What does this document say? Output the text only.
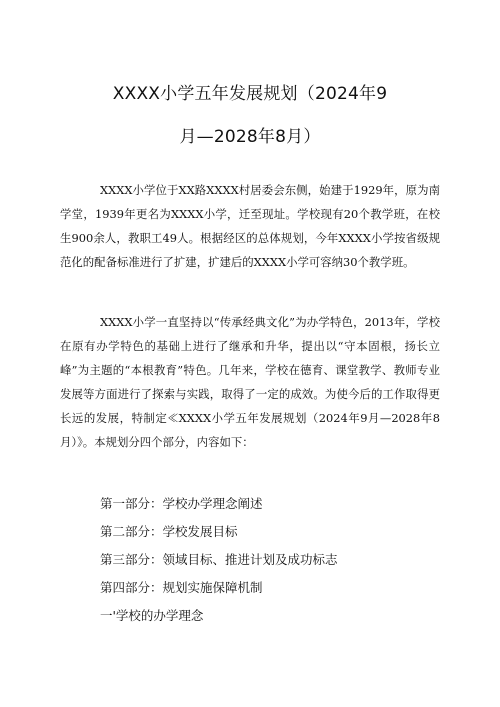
XXXX小学五年发展规划（2024年9
月—2028年8月）

XXXX小学位于XX路XXXX村居委会东侧，始建于1929年，原为南学堂，1939年更名为XXXX小学，迁至现址。学校现有20个教学班，在校生900余人，教职工49人。根据经区的总体规划，今年XXXX小学按省级规范化的配备标准进行了扩建，扩建后的XXXX小学可容纳30个教学班。

XXXX小学一直坚持以“传承经典文化”为办学特色，2013年，学校在原有办学特色的基础上进行了继承和升华，提出以“守本固根，扬长立峰”为主题的“本根教育”特色。几年来，学校在德育、课堂教学、教师专业发展等方面进行了探索与实践，取得了一定的成效。为使今后的工作取得更长远的发展，特制定≪XXXX小学五年发展规划（2024年9月—2028年8月）》。本规划分四个部分，内容如下：

第一部分：学校办学理念阐述
第二部分：学校发展目标
第三部分：领域目标、推进计划及成功标志
第四部分：规划实施保障机制
一'学校的办学理念
